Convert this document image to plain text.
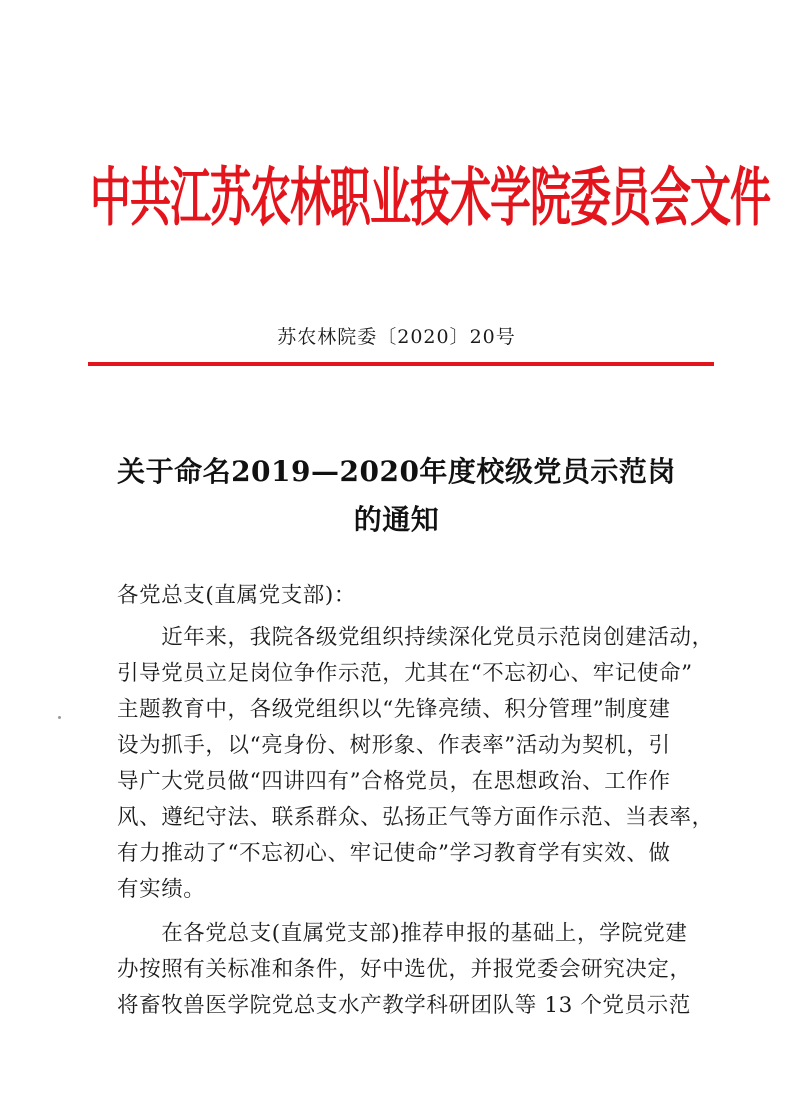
中共江苏农林职业技术学院委员会文件
苏农林院委〔2020〕20号
关于命名2019—2020年度校级党员示范岗
的通知
各党总支(直属党支部)：
　　近年来，我院各级党组织持续深化党员示范岗创建活动，
引导党员立足岗位争作示范，尤其在“不忘初心、牢记使命”
主题教育中，各级党组织以“先锋亮绩、积分管理”制度建
设为抓手，以“亮身份、树形象、作表率”活动为契机，引
导广大党员做“四讲四有”合格党员，在思想政治、工作作
风、遵纪守法、联系群众、弘扬正气等方面作示范、当表率，
有力推动了“不忘初心、牢记使命”学习教育学有实效、做
有实绩。
　　在各党总支(直属党支部)推荐申报的基础上，学院党建
办按照有关标准和条件，好中选优，并报党委会研究决定，
将畜牧兽医学院党总支水产教学科研团队等 13 个党员示范
